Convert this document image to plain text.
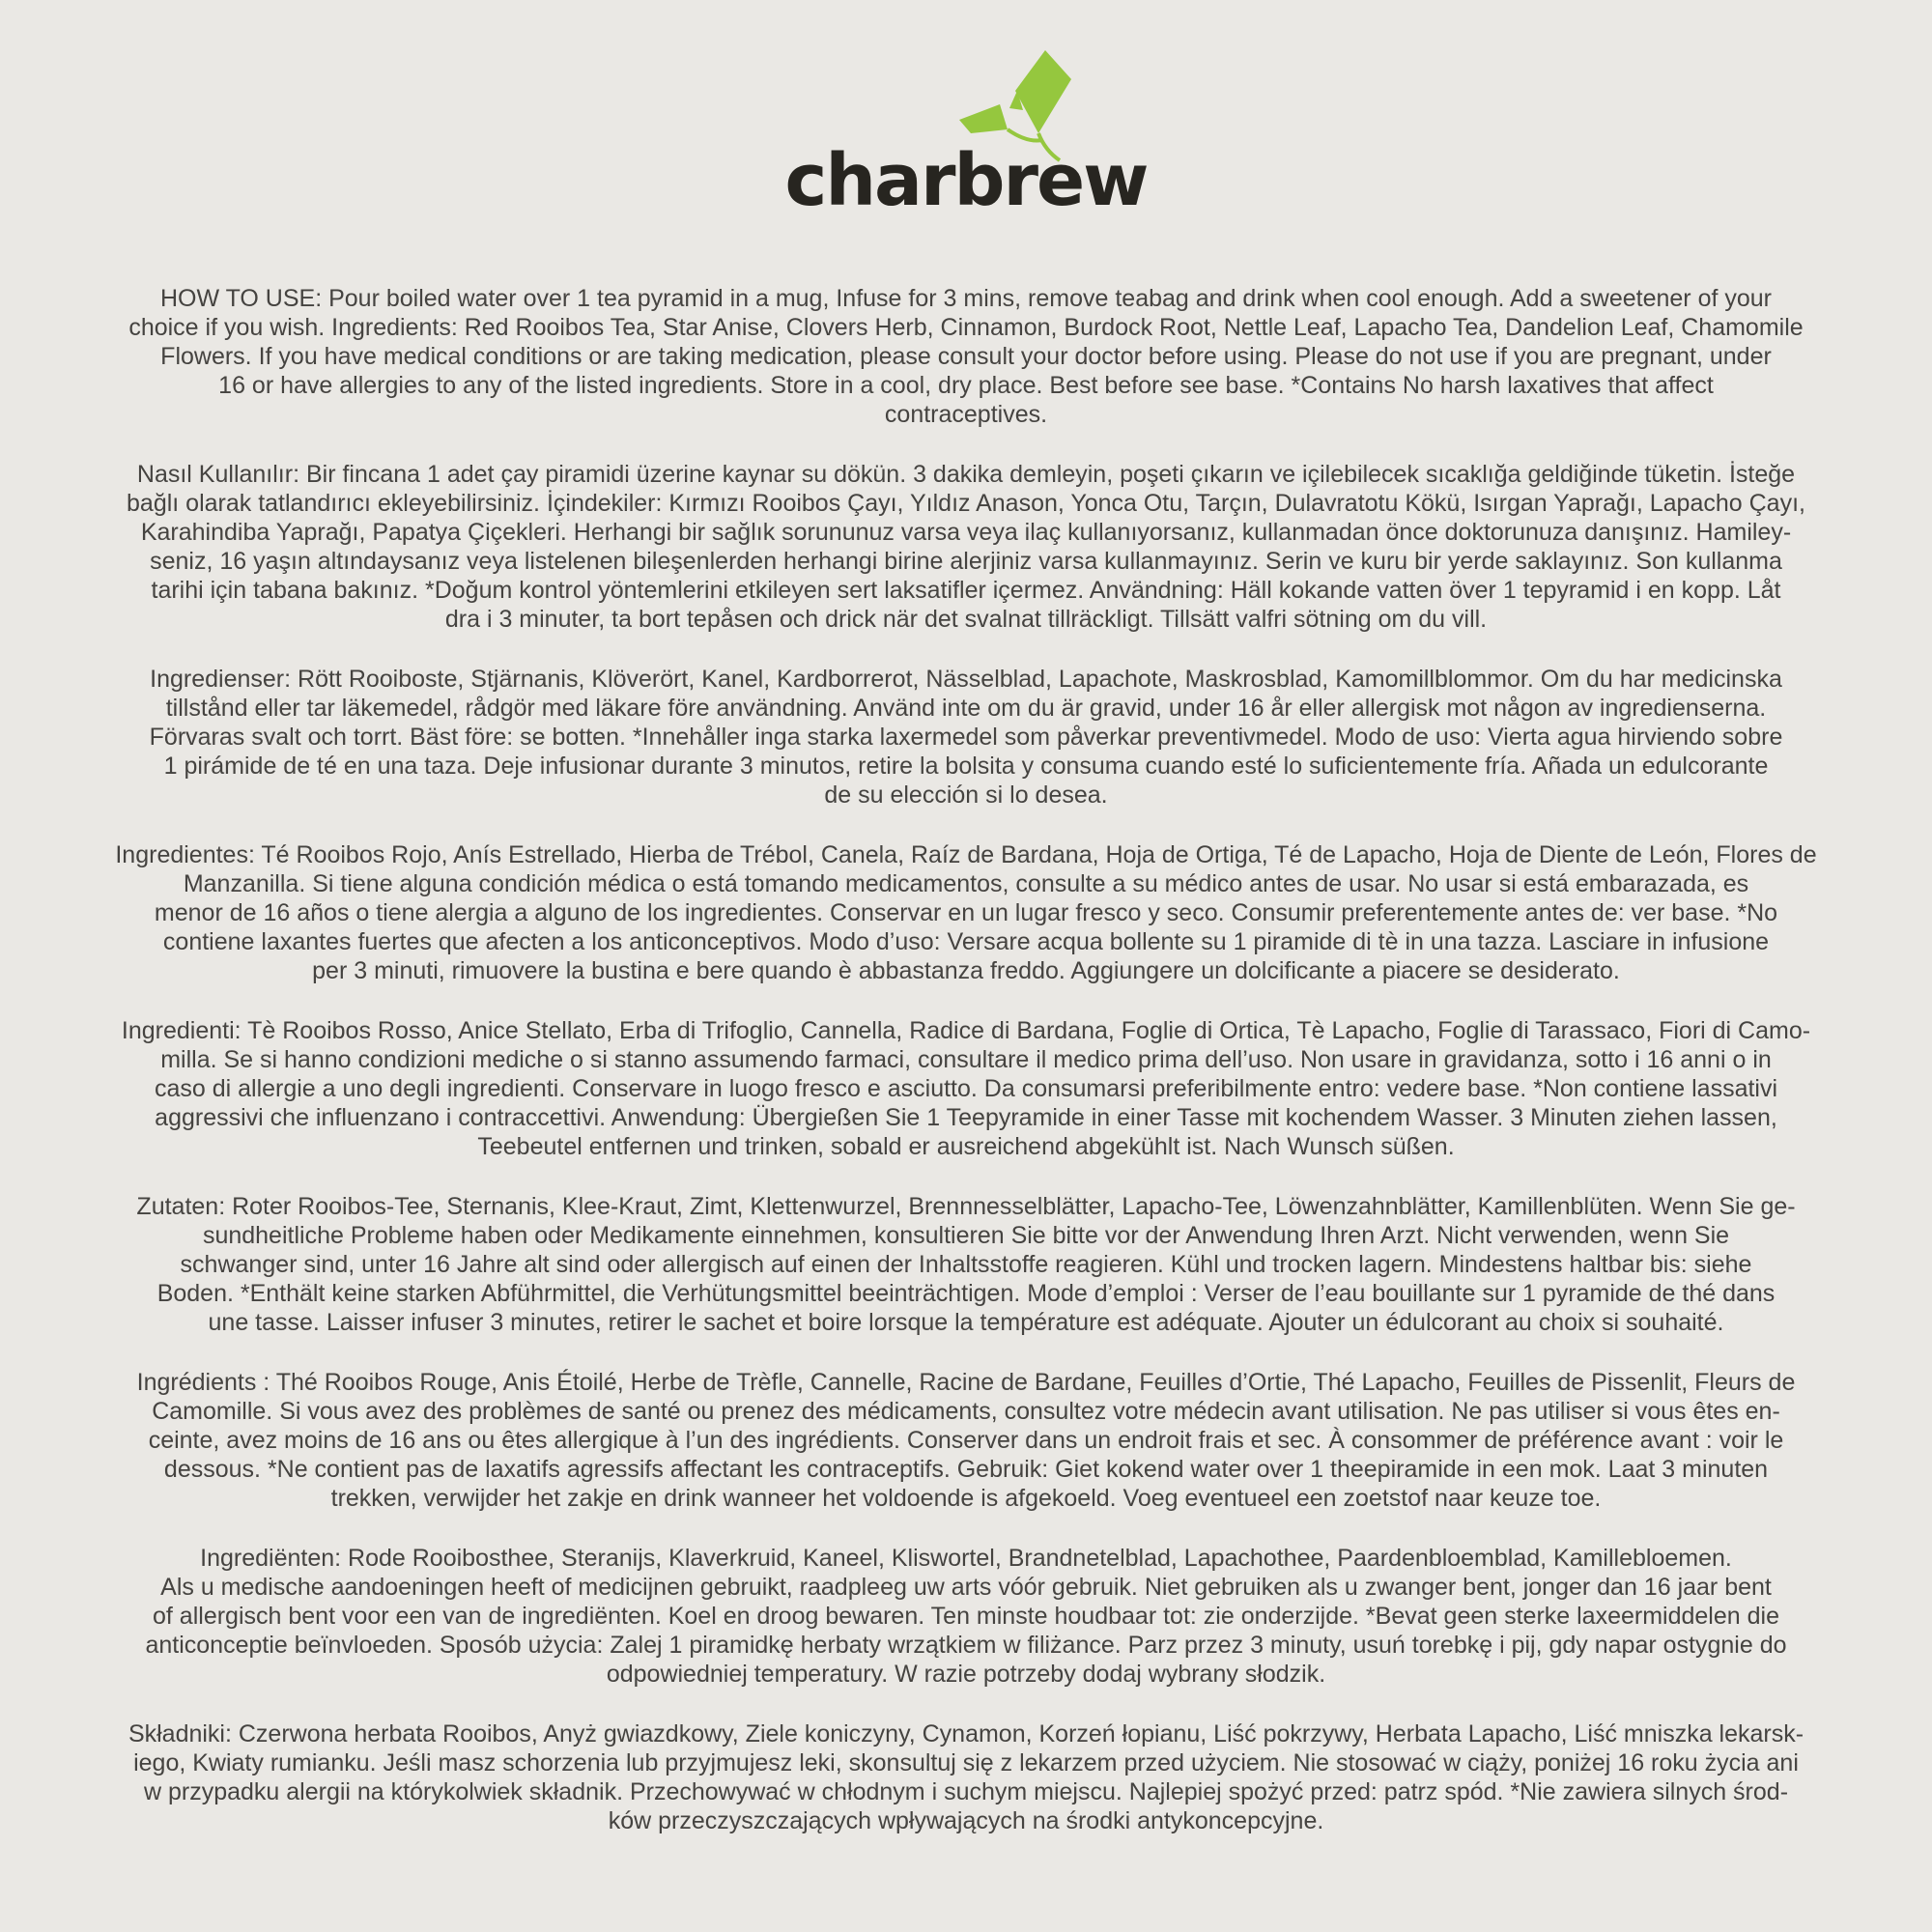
charbrew

HOW TO USE: Pour boiled water over 1 tea pyramid in a mug, Infuse for 3 mins, remove teabag and drink when cool enough. Add a sweetener of your
choice if you wish. Ingredients: Red Rooibos Tea, Star Anise, Clovers Herb, Cinnamon, Burdock Root, Nettle Leaf, Lapacho Tea, Dandelion Leaf, Chamomile
Flowers. If you have medical conditions or are taking medication, please consult your doctor before using. Please do not use if you are pregnant, under
16 or have allergies to any of the listed ingredients. Store in a cool, dry place. Best before see base. *Contains No harsh laxatives that affect
contraceptives.

Nasıl Kullanılır: Bir fincana 1 adet çay piramidi üzerine kaynar su dökün. 3 dakika demleyin, poşeti çıkarın ve içilebilecek sıcaklığa geldiğinde tüketin. İsteğe
bağlı olarak tatlandırıcı ekleyebilirsiniz. İçindekiler: Kırmızı Rooibos Çayı, Yıldız Anason, Yonca Otu, Tarçın, Dulavratotu Kökü, Isırgan Yaprağı, Lapacho Çayı,
Karahindiba Yaprağı, Papatya Çiçekleri. Herhangi bir sağlık sorununuz varsa veya ilaç kullanıyorsanız, kullanmadan önce doktorunuza danışınız. Hamiley-
seniz, 16 yaşın altındaysanız veya listelenen bileşenlerden herhangi birine alerjiniz varsa kullanmayınız. Serin ve kuru bir yerde saklayınız. Son kullanma
tarihi için tabana bakınız. *Doğum kontrol yöntemlerini etkileyen sert laksatifler içermez. Användning: Häll kokande vatten över 1 tepyramid i en kopp. Låt
dra i 3 minuter, ta bort tepåsen och drick när det svalnat tillräckligt. Tillsätt valfri sötning om du vill.

Ingredienser: Rött Rooiboste, Stjärnanis, Klöverört, Kanel, Kardborrerot, Nässelblad, Lapachote, Maskrosblad, Kamomillblommor. Om du har medicinska
tillstånd eller tar läkemedel, rådgör med läkare före användning. Använd inte om du är gravid, under 16 år eller allergisk mot någon av ingredienserna.
Förvaras svalt och torrt. Bäst före: se botten. *Innehåller inga starka laxermedel som påverkar preventivmedel. Modo de uso: Vierta agua hirviendo sobre
1 pirámide de té en una taza. Deje infusionar durante 3 minutos, retire la bolsita y consuma cuando esté lo suficientemente fría. Añada un edulcorante
de su elección si lo desea.

Ingredientes: Té Rooibos Rojo, Anís Estrellado, Hierba de Trébol, Canela, Raíz de Bardana, Hoja de Ortiga, Té de Lapacho, Hoja de Diente de León, Flores de
Manzanilla. Si tiene alguna condición médica o está tomando medicamentos, consulte a su médico antes de usar. No usar si está embarazada, es
menor de 16 años o tiene alergia a alguno de los ingredientes. Conservar en un lugar fresco y seco. Consumir preferentemente antes de: ver base. *No
contiene laxantes fuertes que afecten a los anticonceptivos. Modo d’uso: Versare acqua bollente su 1 piramide di tè in una tazza. Lasciare in infusione
per 3 minuti, rimuovere la bustina e bere quando è abbastanza freddo. Aggiungere un dolcificante a piacere se desiderato.

Ingredienti: Tè Rooibos Rosso, Anice Stellato, Erba di Trifoglio, Cannella, Radice di Bardana, Foglie di Ortica, Tè Lapacho, Foglie di Tarassaco, Fiori di Camo-
milla. Se si hanno condizioni mediche o si stanno assumendo farmaci, consultare il medico prima dell’uso. Non usare in gravidanza, sotto i 16 anni o in
caso di allergie a uno degli ingredienti. Conservare in luogo fresco e asciutto. Da consumarsi preferibilmente entro: vedere base. *Non contiene lassativi
aggressivi che influenzano i contraccettivi. Anwendung: Übergießen Sie 1 Teepyramide in einer Tasse mit kochendem Wasser. 3 Minuten ziehen lassen,
Teebeutel entfernen und trinken, sobald er ausreichend abgekühlt ist. Nach Wunsch süßen.

Zutaten: Roter Rooibos-Tee, Sternanis, Klee-Kraut, Zimt, Klettenwurzel, Brennnesselblätter, Lapacho-Tee, Löwenzahnblätter, Kamillenblüten. Wenn Sie ge-
sundheitliche Probleme haben oder Medikamente einnehmen, konsultieren Sie bitte vor der Anwendung Ihren Arzt. Nicht verwenden, wenn Sie
schwanger sind, unter 16 Jahre alt sind oder allergisch auf einen der Inhaltsstoffe reagieren. Kühl und trocken lagern. Mindestens haltbar bis: siehe
Boden. *Enthält keine starken Abführmittel, die Verhütungsmittel beeinträchtigen. Mode d’emploi : Verser de l’eau bouillante sur 1 pyramide de thé dans
une tasse. Laisser infuser 3 minutes, retirer le sachet et boire lorsque la température est adéquate. Ajouter un édulcorant au choix si souhaité.

Ingrédients : Thé Rooibos Rouge, Anis Étoilé, Herbe de Trèfle, Cannelle, Racine de Bardane, Feuilles d’Ortie, Thé Lapacho, Feuilles de Pissenlit, Fleurs de
Camomille. Si vous avez des problèmes de santé ou prenez des médicaments, consultez votre médecin avant utilisation. Ne pas utiliser si vous êtes en-
ceinte, avez moins de 16 ans ou êtes allergique à l’un des ingrédients. Conserver dans un endroit frais et sec. À consommer de préférence avant : voir le
dessous. *Ne contient pas de laxatifs agressifs affectant les contraceptifs. Gebruik: Giet kokend water over 1 theepiramide in een mok. Laat 3 minuten
trekken, verwijder het zakje en drink wanneer het voldoende is afgekoeld. Voeg eventueel een zoetstof naar keuze toe.

Ingrediënten: Rode Rooibosthee, Steranijs, Klaverkruid, Kaneel, Kliswortel, Brandnetelblad, Lapachothee, Paardenbloemblad, Kamillebloemen.
Als u medische aandoeningen heeft of medicijnen gebruikt, raadpleeg uw arts vóór gebruik. Niet gebruiken als u zwanger bent, jonger dan 16 jaar bent
of allergisch bent voor een van de ingrediënten. Koel en droog bewaren. Ten minste houdbaar tot: zie onderzijde. *Bevat geen sterke laxeermiddelen die
anticonceptie beïnvloeden. Sposób użycia: Zalej 1 piramidkę herbaty wrzątkiem w filiżance. Parz przez 3 minuty, usuń torebkę i pij, gdy napar ostygnie do
odpowiedniej temperatury. W razie potrzeby dodaj wybrany słodzik.

Składniki: Czerwona herbata Rooibos, Anyż gwiazdkowy, Ziele koniczyny, Cynamon, Korzeń łopianu, Liść pokrzywy, Herbata Lapacho, Liść mniszka lekarsk-
iego, Kwiaty rumianku. Jeśli masz schorzenia lub przyjmujesz leki, skonsultuj się z lekarzem przed użyciem. Nie stosować w ciąży, poniżej 16 roku życia ani
w przypadku alergii na którykolwiek składnik. Przechowywać w chłodnym i suchym miejscu. Najlepiej spożyć przed: patrz spód. *Nie zawiera silnych środ-
ków przeczyszczających wpływających na środki antykoncepcyjne.
